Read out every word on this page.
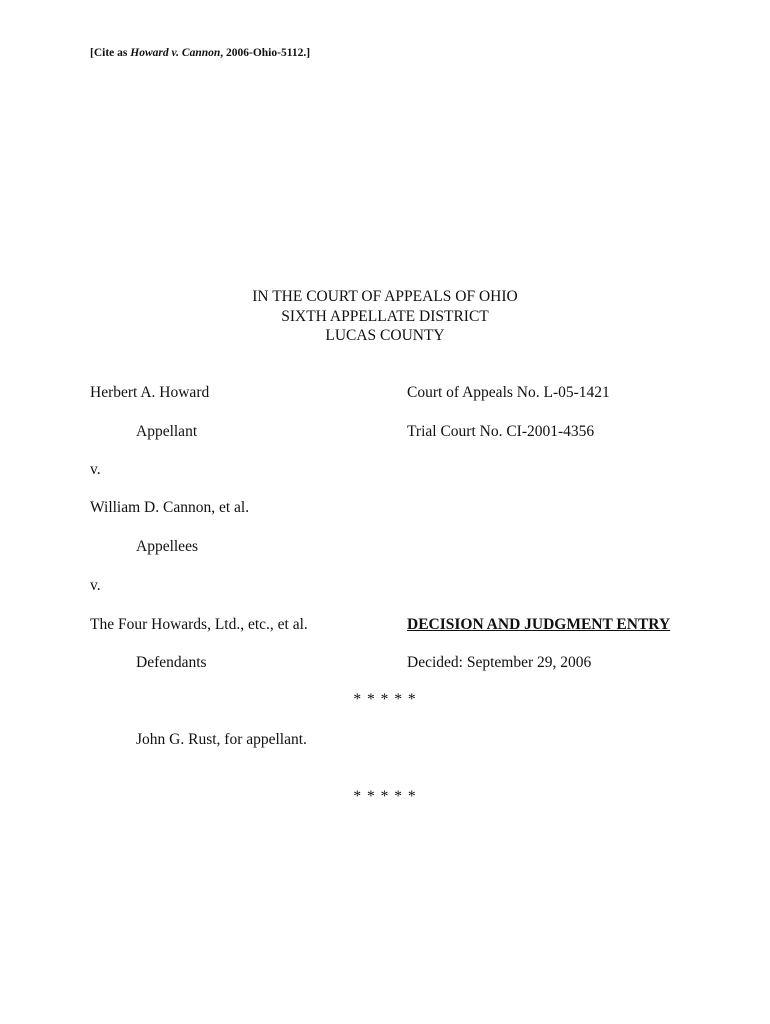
[Cite as Howard v. Cannon, 2006-Ohio-5112.]
IN THE COURT OF APPEALS OF OHIO
SIXTH APPELLATE DISTRICT
LUCAS COUNTY
Herbert A. Howard	Court of Appeals No. L-05-1421
Appellant	Trial Court No. CI-2001-4356
v.
William D. Cannon, et al.
Appellees
v.
The Four Howards, Ltd., etc., et al.	DECISION AND JUDGMENT ENTRY
Defendants	Decided: September 29, 2006
* * * * *
John G. Rust, for appellant.
* * * * *
